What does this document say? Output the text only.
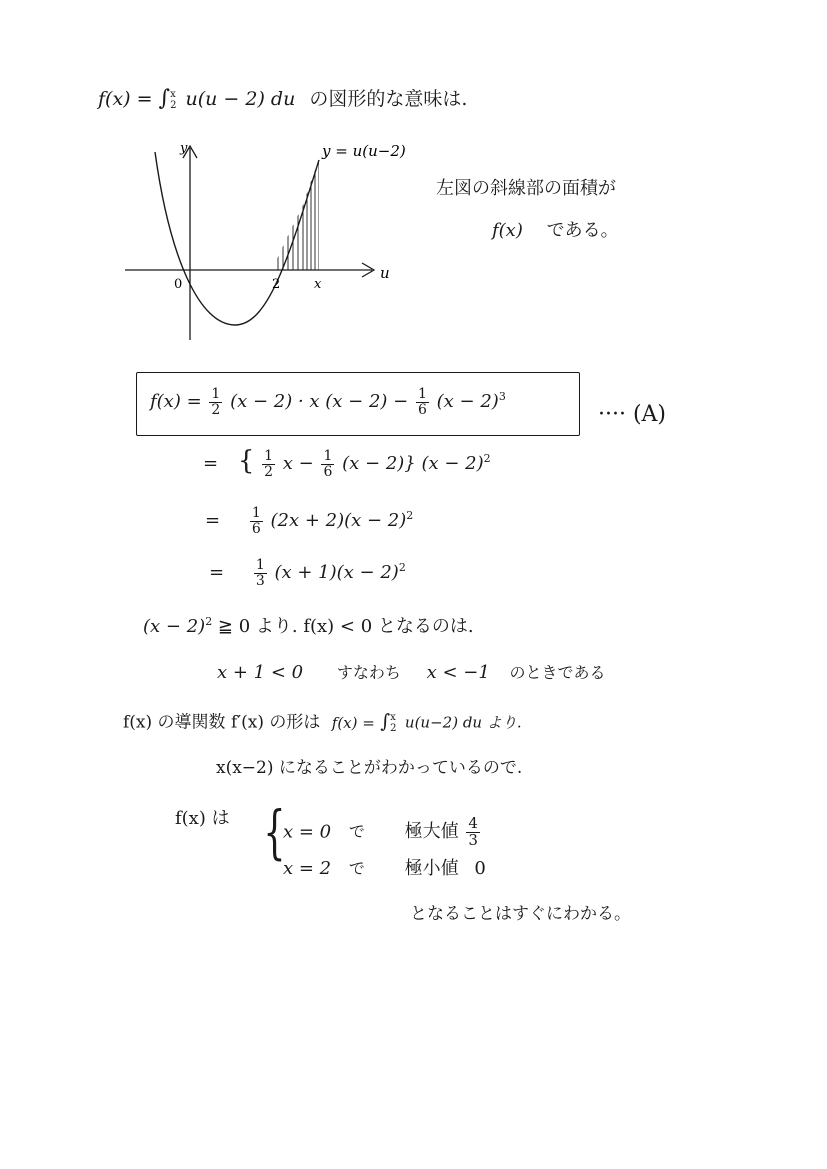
f(x) = ∫ x
2 u(u − 2) du の図形的な意味は.
y	y = u(u−2)
u
0	2	x
左図の斜線部の面積が
f(x) である。
$f(x) = \frac{1}{2} (x - 2) \cdot x$ $(x - 2) - \frac{1}{6} (x - 2)^3$
···· (A)
= { $\frac{1}{2}$ $x - \frac{1}{6} (x - 2)$} $(x - 2)^2$
= $\frac{1}{6} (2x + 2)(x - 2)^2$
= $\frac{1}{3} (x + 1)(x - 2)^2$
$(x - 2)^2$ ≧ 0 より. f(x) < 0 となるのは.
x + 1 < 0 すなわち x < −1 のときである
f(x) の導関数 f′(x) の形は f(x) = ∫ x
2 u(u−2) du より.
x(x−2) になることがわかっているので.
f(x) は {
x = 0 で 極大値 $\frac{4}{3}$
x = 2 で 極小値 0
となることはすぐにわかる。
